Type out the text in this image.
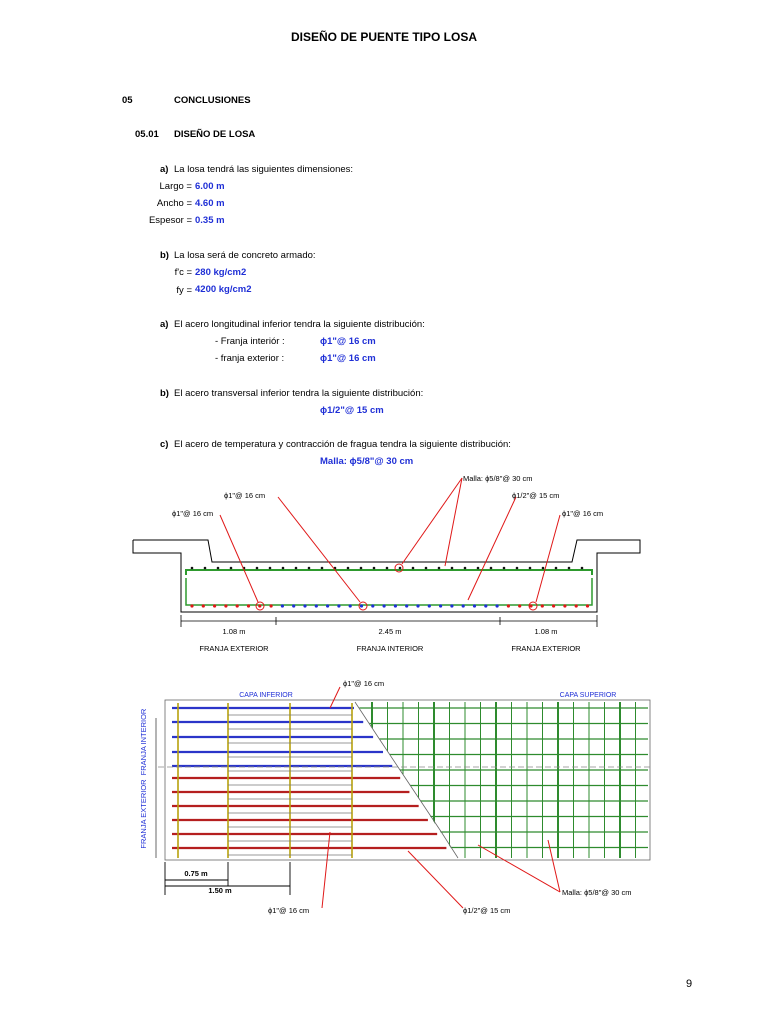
DISEÑO DE PUENTE TIPO LOSA
05	CONCLUSIONES
05.01 DISEÑO DE LOSA
a) La losa tendrá las siguientes dimensiones:
Largo = 6.00 m
Ancho = 4.60 m
Espesor = 0.35 m
b) La losa será de concreto armado:
f'c = 280 kg/cm2
fy = 4200 kg/cm2
a) El acero longitudinal inferior tendra la siguiente distribución:
- Franja interiór :	ϕ1"@ 16 cm
- franja exterior :	ϕ1"@ 16 cm
b) El acero transversal inferior tendra la siguiente distribución:
ϕ1/2"@ 15 cm
c) El acero de temperatura y contracción de fragua tendra la siguiente distribución:
Malla: ϕ5/8"@ 30 cm
Malla: ϕ5/8"@ 30 cm
ϕ1/2"@ 15 cm
ϕ1"@ 16 cm
ϕ1"@ 16 cm	ϕ1"@ 16 cm
1.08 m	2.45 m	1.08 m
FRANJA EXTERIOR	FRANJA INTERIOR	FRANJA EXTERIOR
FRANJA INTERIOR
FRANJA EXTERIOR
CAPA INFERIOR	CAPA SUPERIOR
ϕ1"@ 16 cm
0.75 m
1.50 m
ϕ1"@ 16 cm	ϕ1/2"@ 15 cm
Malla: ϕ5/8"@ 30 cm
9
